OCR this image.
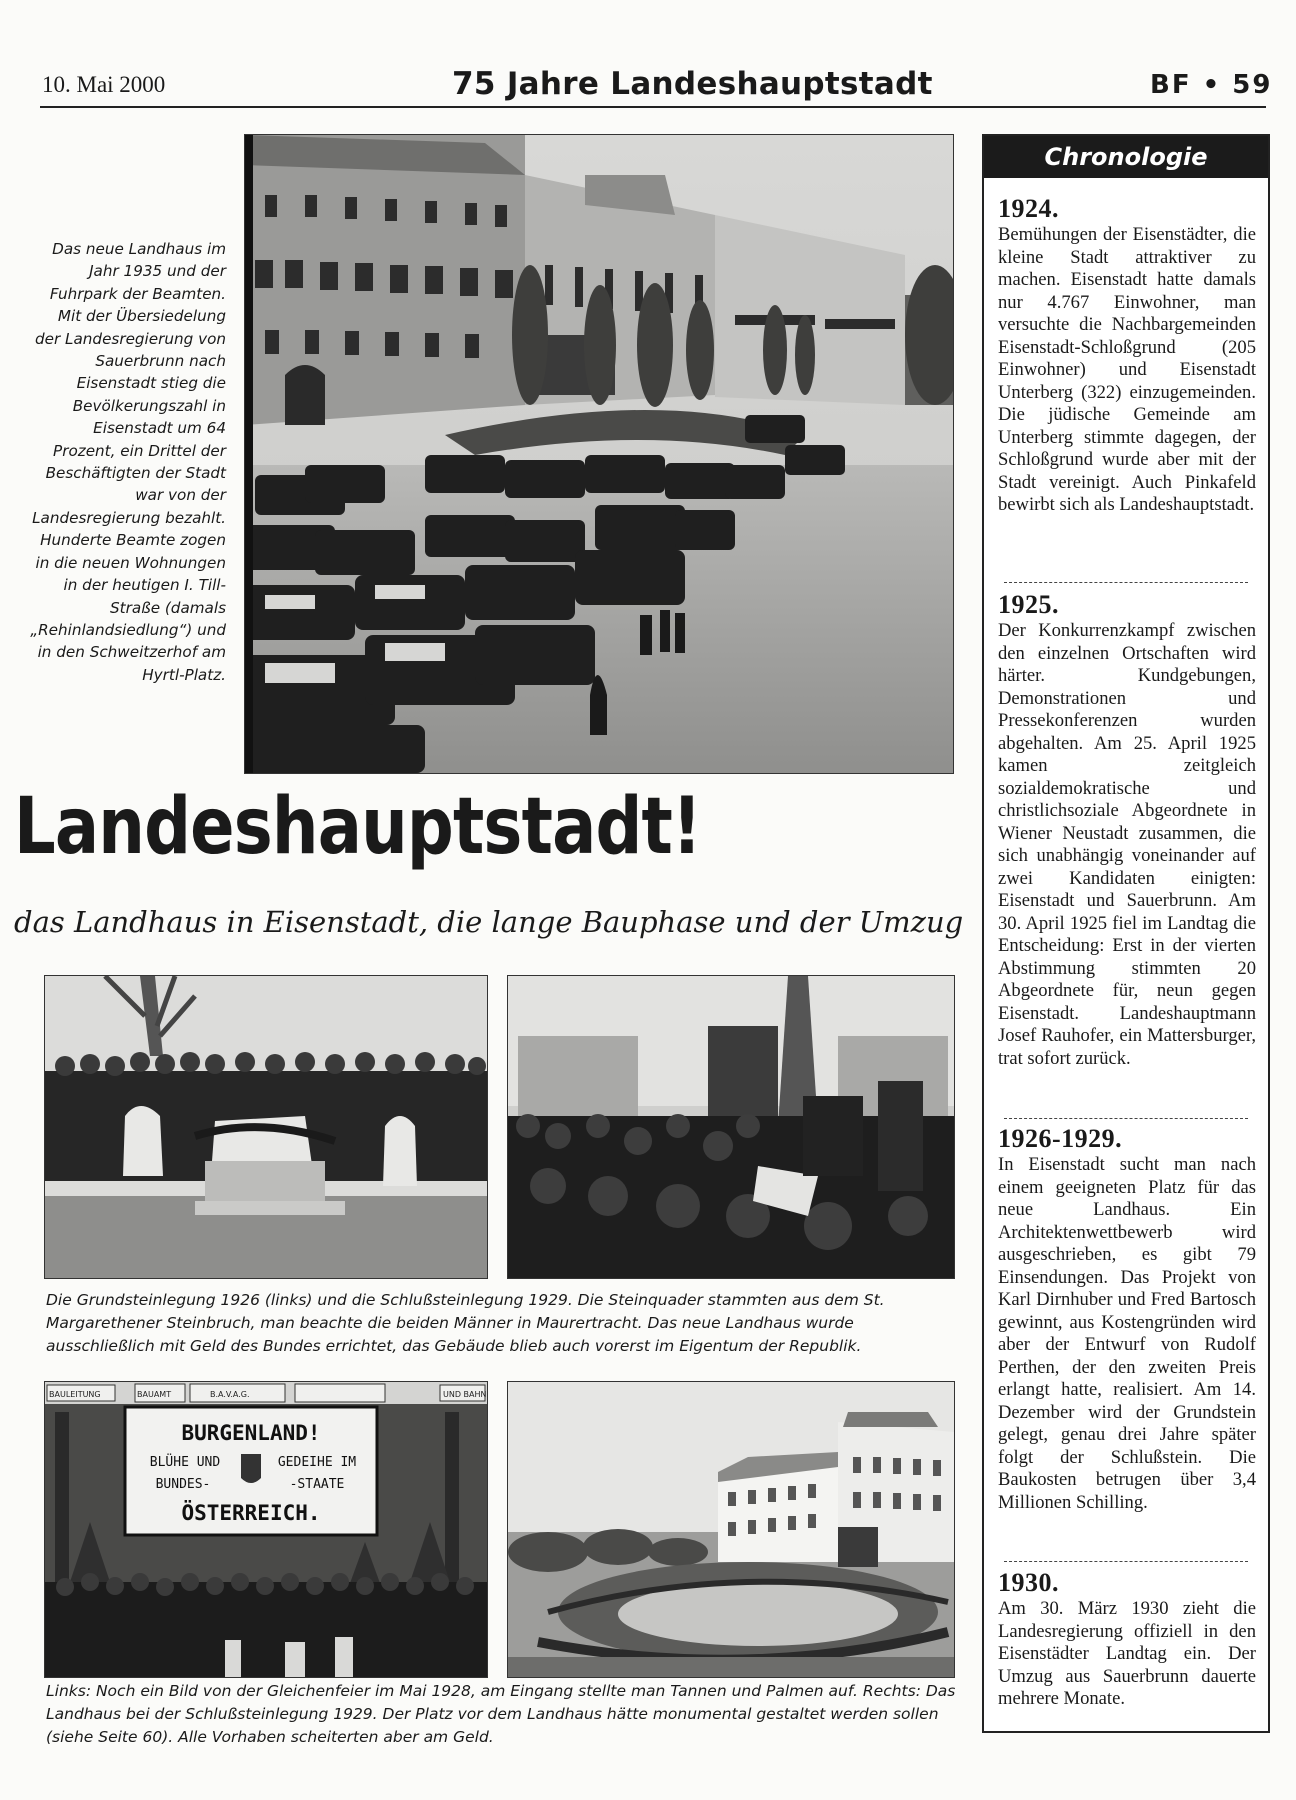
10. Mai 2000	75 Jahre Landeshauptstadt	BF • 59
Das neue Landhaus im Jahr 1935 und der Fuhrpark der Beamten. Mit der Übersiedelung der Landesregierung von Sauerbrunn nach Eisenstadt stieg die Bevölkerungszahl in Eisenstadt um 64 Prozent, ein Drittel der Beschäftigten der Stadt war von der Landesregierung bezahlt. Hunderte Beamte zogen in die neuen Wohnungen in der heutigen I. Till-Straße (damals „Rehinlandsiedlung“) und in den Schweitzerhof am Hyrtl-Platz.
Landeshauptstadt!
das Landhaus in Eisenstadt, die lange Bauphase und der Umzug
Die Grundsteinlegung 1926 (links) und die Schlußsteinlegung 1929. Die Steinquader stammten aus dem St. Margarethener Steinbruch, man beachte die beiden Männer in Maurertracht. Das neue Landhaus wurde ausschließlich mit Geld des Bundes errichtet, das Gebäude blieb auch vorerst im Eigentum der Republik.
BAULEITUNG	BAUAMT	B.A.V.A.G.	UND BAHN
BURGENLAND!
BLÜHE UND	GEDEIHE IM
BUNDES-	-STAATE
ÖSTERREICH.
Links: Noch ein Bild von der Gleichenfeier im Mai 1928, am Eingang stellte man Tannen und Palmen auf. Rechts: Das Landhaus bei der Schlußsteinlegung 1929. Der Platz vor dem Landhaus hätte monumental gestaltet werden sollen (siehe Seite 60). Alle Vorhaben scheiterten aber am Geld.
Chronologie
1924.
Bemühungen der Eisenstädter, die kleine Stadt attraktiver zu machen. Eisenstadt hatte damals nur 4.767 Einwohner, man versuchte die Nachbargemeinden Eisenstadt-Schloßgrund (205 Einwohner) und Eisenstadt Unterberg (322) einzugemeinden. Die jüdische Gemeinde am Unterberg stimmte dagegen, der Schloßgrund wurde aber mit der Stadt vereinigt. Auch Pinkafeld bewirbt sich als Landeshauptstadt.
1925.
Der Konkurrenzkampf zwischen den einzelnen Ortschaften wird härter. Kundgebungen, Demonstrationen und Pressekonferenzen wurden abgehalten. Am 25. April 1925 kamen zeitgleich sozialdemokratische und christlichsoziale Abgeordnete in Wiener Neustadt zusammen, die sich unabhängig voneinander auf zwei Kandidaten einigten: Eisenstadt und Sauerbrunn. Am 30. April 1925 fiel im Landtag die Entscheidung: Erst in der vierten Abstimmung stimmten 20 Abgeordnete für, neun gegen Eisenstadt. Landeshauptmann Josef Rauhofer, ein Mattersburger, trat sofort zurück.
1926-1929.
In Eisenstadt sucht man nach einem geeigneten Platz für das neue Landhaus. Ein Architektenwettbewerb wird ausgeschrieben, es gibt 79 Einsendungen. Das Projekt von Karl Dirnhuber und Fred Bartosch gewinnt, aus Kostengründen wird aber der Entwurf von Rudolf Perthen, der den zweiten Preis erlangt hatte, realisiert. Am 14. Dezember wird der Grundstein gelegt, genau drei Jahre später folgt der Schlußstein. Die Baukosten betrugen über 3,4 Millionen Schilling.
1930.
Am 30. März 1930 zieht die Landesregierung offiziell in den Eisenstädter Landtag ein. Der Umzug aus Sauerbrunn dauerte mehrere Monate.
